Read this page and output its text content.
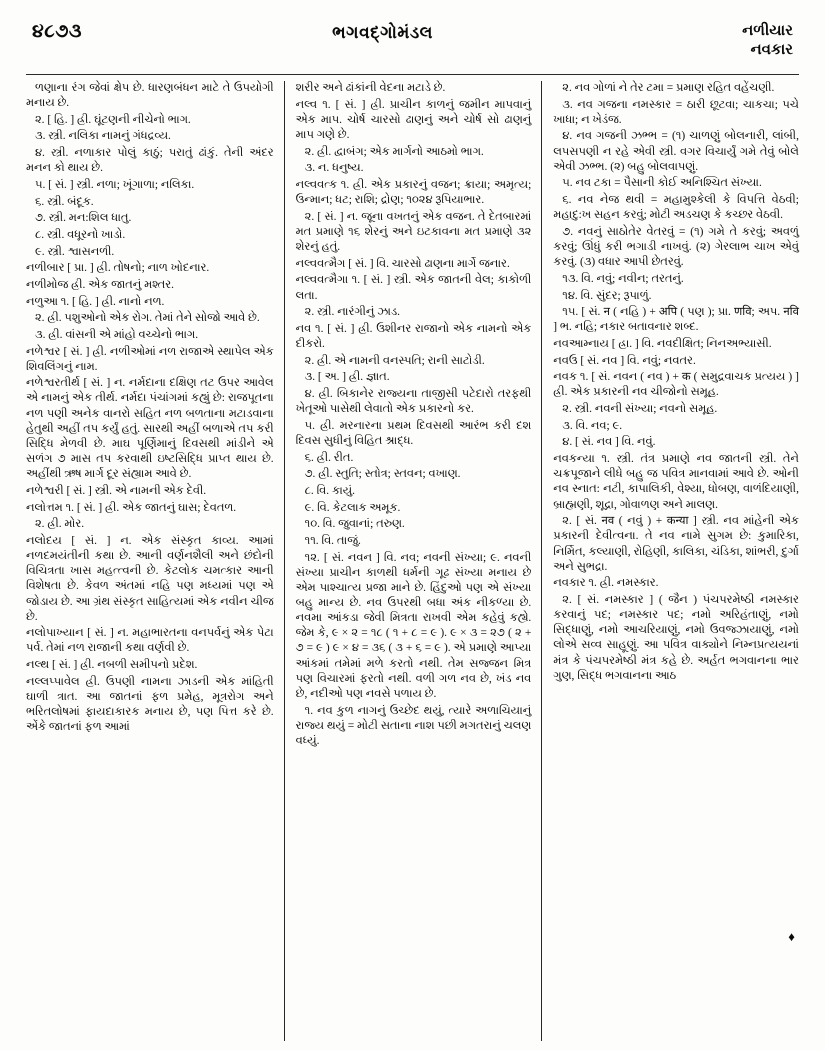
૪૮૭૩	ભગવદ્ગોમંડલ	નળીયાર
નવકાર

ળણાના રંગ જેવાં ક્ષેપ છે. ધારણબંધન માટે તે ઉપયોગી મનાય છે.

૨. [ હિ. ] હ્રી. ઘૂંટણની નીચેનો ભાગ.

૩. સ્ત્રી. નલિકા નામનું ગંધદ્રવ્ય.

૪. સ્ત્રી. નળાકાર પોલું કાઠું; પરાતું ઢાંકું. તેની અંદર મનન કો થાય છે.

૫. [ સં. ] સ્ત્રી. નળા; ખૂંગાળા; નલિકા.

૬. સ્ત્રી. બંદૂક.

૭. સ્ત્રી. મન:શિલ ધાતુ.

૮. સ્ત્રી. વધૂરનો ખાડો.

૯. સ્ત્રી. શ્વાસનળી.

નળીબાર [ પ્રા. ] હ્રી. તોષનો; નાળ ખોદનાર.

નળીમોજ હ્રી. એક જાતનું મશ્તર.

નળુઆ ૧. [ હિ. ] હ્રી. નાનો નળ.

૨. હ્રી. પશુઓનો એક રોગ. તેમાં તેને સોજો આવે છે.

૩. હ્રી. વાંસની એ માંહો વચ્ચેનો ભાગ.

નળેશ્વર [ સં. ] હ્રી. નળીઓમાં નળ રાજાએ સ્થાપેલ એક શિવલિંગનું નામ.

નળેશ્વરતીર્થ [ સં. ] ન. નર્મદાના દક્ષિણ તટ ઉપર આવેલ એ નામનું એક તીર્થ. નર્મદા પંચાંગમાં કહ્યું છે: રાજપૂતના નળ પણી અનેક વાનરો સહિત નળ બળતાના મટાડવાના હેતુથી અહીં તપ કર્યું હતું. સારથી અહીં બળાએ તપ કરી સિદ્ધિ મેળવી છે. માઘ પૂર્ણિમાનું દિવસથી માંડીને એ સળંગ ૭ માસ તપ કરવાથી ઇષ્ટસિદ્ધિ પ્રાપ્ત થાય છે. અહીંથી ઋષ માર્ગ દૂર સંહ્યામ આવે છે.

નળેશ્વરી [ સં. ] સ્ત્રી. એ નામની એક દેવી.

નલોત્તમ ૧. [ સં. ] હ્રી. એક જાતનું ઘાસ; દેવતળ.

૨. હ્રી. મોર.

નલોદય [ સં. ] ન. એક સંસ્કૃત કાવ્ય. આમાં નળદમયંતીની કથા છે. આની વર્ણનશૈલી અને છંદોની વિચિત્રતા ખાસ મહત્ત્વની છે. કેટલોક ચમત્કાર આની વિશેષતા છે. કેવળ અંતમાં નહિ પણ મધ્યમાં પણ એ જોડાય છે. આ ગ્રંથ સંસ્કૃત સાહિત્યમાં એક નવીન ચીજ છે.

નલોપાખ્યાન [ સં. ] ન. મહાભારતના વનપર્વનું એક પેટા પર્વ. તેમાં નળ રાજાની કથા વર્ણવી છે.

નલ્થ [ સં. ] હ્રી. નબળી સમીપનો પ્રદેશ.

નલ્લપ્પાવેલ હ્રી. ઉપણી નામના ઝાડની એક માંહિતી ઘાળી ત્રાત. આ જાતનાં ફળ પ્રમેહ, મૂત્રરોગ અને ભરિતલોષમાં ફાયદાકારક મનાય છે, પણ પિત્ત કરે છે. એંકે જાતનાં ફળ આમાં

શરીર અને ઢાંકાંની વેદના મટાડે છે.

નલ્વ ૧. [ સં. ] હ્રી. પ્રાચીન કાળનું જમીન માપવાનું એક માપ. ચોર્ષ ચારસો ઢાણનું અને ચોર્ષ સો ઢાણનું માપ ગણે છે.

૨. હ્રી. દ્વાબંગ; એક માર્ગનો આઠમો ભાગ.

૩. ન. ધનુષ્ય.

નલ્વવત્ક ૧. હ્રી. એક પ્રકારનું વજન; ક્રાયા; અમૃત્ય; ઉન્માન; ધટ; રાશિ; દ્રોણ; ૧૦૨૪ રૂપિયાભાર.

૨. [ સં. ] ન. જૂના વખતનું એક વજન. તે દેતબારમાં મત પ્રમાણે ૧૬ શેરનું અને ઇટકાવના મત પ્રમાણે ૩૨ શેરનું હતું.

નલ્વવત્મૈગ [ સં. ] વિ. ચારસો ઢાણના માર્ગે જનાર.

નલ્વવત્મૈગા ૧. [ સં. ] સ્ત્રી. એક જાતની વેલ; કાકોળી લતા.

૨. સ્ત્રી. નારંગીનું ઝાડ.

નવ ૧. [ સં. ] હ્રી. ઉશીનર રાજાનો એક નામનો એક દીકરો.

૨. હ્રી. એ નામની વનસ્પતિ; રાની સાટોડી.

૩. [ અ. ] હ્રી. જ્ઞાત.

૪. હ્રી. બિકાનેર રાજ્યના તાજીસી પટેદારો તરફથી ખેતૂઓ પાસેથી લેવાતો એક પ્રકારનો કર.

૫. હ્રી. મરનારના પ્રથમ દિવસથી આરંભ કરી દશ દિવસ સુધીનું વિહિત શ્રાદ્ધ.

૬. હ્રી. રીત.

૭. હ્રી. સ્તુતિ; સ્તોત્ર; સ્તવન; વખાણ.

૮. વિ. કાયું.

૯. વિ. કેટલાક અમૂક.

૧૦. વિ. જુવાનાં; તરુણ.

૧૧. વિ. તાજું.

૧૨. [ સં. નવન ] વિ. નવ; નવની સંખ્યા; ૯. નવની સંખ્યા પ્રાચીન કાળથી ધર્મની ગૂઢ સંખ્યા મનાય છે એમ પાશ્ચાત્ય પ્રજા માને છે. હિંદુઓ પણ એ સંખ્યા બહુ માન્ય છે. નવ ઉપરથી બધા અંક નીકળ્યા છે. નવમા આંકડા જેવી મિત્રતા રાખવી એમ કહેવું કહ્યે. જેમ કે, ૯ × ૨ = ૧૮ ( ૧ + ૮ = ૯ ). ૯ × ૩ = ૨૭ ( ૨ + ૭ = ૯ ) ૯ × ૪ = ૩૬ ( ૩ + ૬ = ૯ ). એ પ્રમાણે આપ્યા આંકમાં તમેમાં મળે કરતો નથી. તેમ સજ્જન મિત્ર પણ વિચારમાં ફરતો નથી. વળી ગળ નવ છે, ખંડ નવ છે, નદીઓ પણ નવસે પળાય છે.

૧. નવ કુળ નાગનું ઉચ્છેદ થયું, ત્યારે અળાચિયાનું રાજ્ય થયું = મોટી સતાના નાશ પછી મગતરાનું ચલણ વધ્યું.

૨. નવ ગોળાં ને તેર ટમા = પ્રમાણ રહિત વહેંચણી.

૩. નવ ગજના નમસ્કાર = ઠારી છૂટવા; ચાકચા; પચે ખાધા; ન ખેડંજ.

૪. નવ ગજની ઝભ્ભ = (૧) ચાળણું બોલનારી, લાંબી, લપસપણી ન રહે એવી સ્ત્રી. વગર વિચાર્યું ગમે તેવું બોલે એવી ઝભ્ભ. (૨) બહુ બોલવાપણું.

૫. નવ ટકા = પૈસાની કોઈ અનિશ્ચિત સંખ્યા.

૬. નવ નેજ થવી = મહામુશ્કેલી કે વિપત્તિ વેઠવી; મહાદુ:ખ સહન કરવું; મોટી અડચણ કે કચ્છર વેઠવી.

૭. નવનું સાઠોતેર વેતરવું = (૧) ગમે તે કરવું; અવળું કરવું; ઊંધું કરી ભગાડી નાખવું. (૨) ગેરલાભ ચાખ એવું કરવું. (૩) વધાર આપી છેતરવું.

૧૩. વિ. નવું; નવીન; તરતનું.

૧૪. વિ. સુંદર; રૂપાળું.

૧૫. [ સં. न ( નહિ ) + अपि ( પણ ); પ્રા. णवि; અપ. नवि ] ભ. નહિ; નકાર બતાવનાર શબ્દ.

નવઆમ્નાય [ હ્રા. ] વિ. નવદીક્ષિત; નિનઅભ્યાસી.

નવઉ [ સં. નવ ] વિ. નવું; નવતર.

નવક ૧. [ સં. નવન ( નવ ) + क ( સમુદ્રવાચક પ્રત્યય ) ] હ્રી. એક પ્રકારની નવ ચીજોનો સમૂહ.

૨. સ્ત્રી. નવની સંખ્યા; નવનો સમૂહ.

૩. વિ. નવ; ૯.

૪. [ સં. નવ ] વિ. નવું.

નવકન્યા ૧. સ્ત્રી. તંત્ર પ્રમાણે નવ જાતની સ્ત્રી. તેને ચક્રપૂજાને લીધે બહુ જ પવિત્ર માનવામાં આવે છે. ઓની નવ સ્નાત: નટી, કાપાલિકી, વેશ્યા, ધોબણ, વાળંદિયાણી, બ્રાહ્મણી, શૂદ્રા, ગોવાળણ અને માલણ.

૨. [ સં. नव ( નવું ) + कन्या ] સ્ત્રી. નવ માંહેની એક પ્રકારની દેવીત્વના. તે નવ નામે સુગમ છે: કુમારિકા, નિર્મિત, કલ્યાણી, રોહિણી, કાલિકા, ચંડિકા, શાંભરી, દુર્ગા અને સુભદ્રા.

નવકાર ૧. હ્રી. નમસ્કાર.

૨. [ સં. નમસ્કાર ] ( જૈન ) પંચપરમેષ્ઠી નમસ્કાર કરવાનું પદ; નમસ્કાર પદ; નમો અરિહંતાણું, નમો સિદ્ધાણું, નમો આચરિયાણું, નમો ઉવજ્ઝાયાણું, નમો લોએ સવ્વ સાહૂણું. આ પવિત્ર વાક્યોને નિમ્નપ્રત્યયનાં મંત્ર કે પંચપરમેષ્ઠી મંત્ર કહે છે. અર્હત ભગવાનના ભાર ગુણ, સિદ્ધ ભગવાનના આઠ

♦
